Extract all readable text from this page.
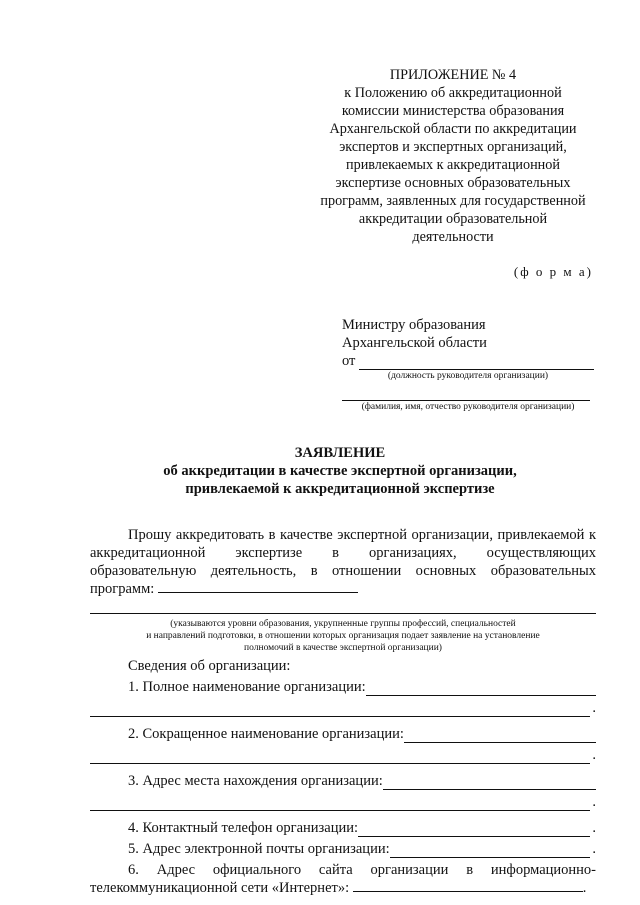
ПРИЛОЖЕНИЕ № 4
к Положению об аккредитационной
комиссии министерства образования
Архангельской области по аккредитации
экспертов и экспертных организаций,
привлекаемых к аккредитационной
экспертизе основных образовательных
программ, заявленных для государственной
аккредитации образовательной
деятельности
(ф о р м а)
Министру образования
Архангельской области
от
(должность руководителя организации)
(фамилия, имя, отчество руководителя организации)
ЗАЯВЛЕНИЕ
об аккредитации в качестве экспертной организации,
привлекаемой к аккредитационной экспертизе
Прошу аккредитовать в качестве экспертной организации, привлекаемой к аккредитационной экспертизе в организациях, осуществляющих образовательную деятельность, в отношении основных образовательных программ:
(указываются уровни образования, укрупненные группы профессий, специальностей
и направлений подготовки, в отношении которых организация подает заявление на установление
полномочий в качестве экспертной организации)
Сведения об организации:
1. Полное наименование организации:
.
2. Сокращенное наименование организации:
.
3. Адрес места нахождения организации:
.
4. Контактный телефон организации:	.
5. Адрес электронной почты организации:	.
6. Адрес официального сайта организации в информационно-телекоммуникационной сети «Интернет»:	.
